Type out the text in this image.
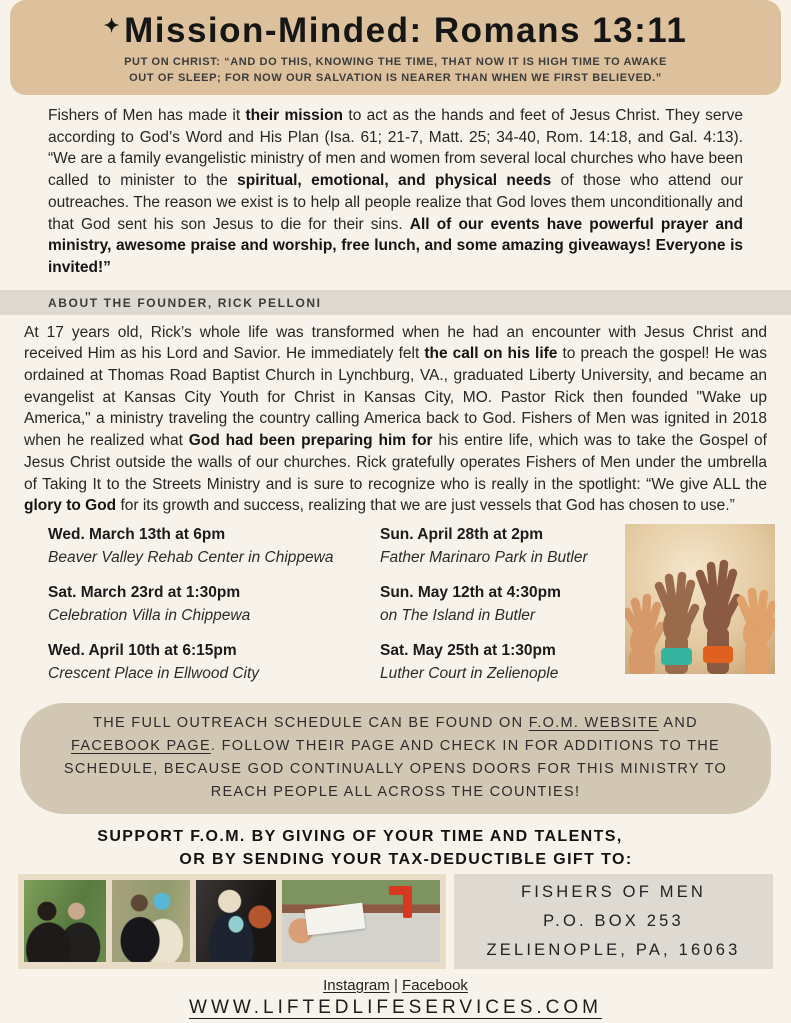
✦Mission-Minded: Romans 13:11
PUT ON CHRIST: “AND DO THIS, KNOWING THE TIME, THAT NOW IT IS HIGH TIME TO AWAKE
OUT OF SLEEP; FOR NOW OUR SALVATION IS NEARER THAN WHEN WE FIRST BELIEVED.”

Fishers of Men has made it their mission to act as the hands and feet of Jesus Christ. They serve according to God’s Word and His Plan (Isa. 61; 21-7, Matt. 25; 34-40, Rom. 14:18, and Gal. 4:13). “We are a family evangelistic ministry of men and women from several local churches who have been called to minister to the spiritual, emotional, and physical needs of those who attend our outreaches. The reason we exist is to help all people realize that God loves them unconditionally and that God sent his son Jesus to die for their sins. All of our events have powerful prayer and ministry, awesome praise and worship, free lunch, and some amazing giveaways! Everyone is invited!”

ABOUT THE FOUNDER, RICK PELLONI

At 17 years old, Rick’s whole life was transformed when he had an encounter with Jesus Christ and received Him as his Lord and Savior. He immediately felt the call on his life to preach the gospel! He was ordained at Thomas Road Baptist Church in Lynchburg, VA., graduated Liberty University, and became an evangelist at Kansas City Youth for Christ in Kansas City, MO. Pastor Rick then founded "Wake up America," a ministry traveling the country calling America back to God. Fishers of Men was ignited in 2018 when he realized what God had been preparing him for his entire life, which was to take the Gospel of Jesus Christ outside the walls of our churches. Rick gratefully operates Fishers of Men under the umbrella of Taking It to the Streets Ministry and is sure to recognize who is really in the spotlight: “We give ALL the glory to God for its growth and success, realizing that we are just vessels that God has chosen to use.”

Wed. March 13th at 6pm
Beaver Valley Rehab Center in Chippewa
Sat. March 23rd at 1:30pm
Celebration Villa in Chippewa
Wed. April 10th at 6:15pm
Crescent Place in Ellwood City
Sun. April 28th at 2pm
Father Marinaro Park in Butler
Sun. May 12th at 4:30pm
on The Island in Butler
Sat. May 25th at 1:30pm
Luther Court in Zelienople
THE FULL OUTREACH SCHEDULE CAN BE FOUND ON F.O.M. WEBSITE AND FACEBOOK PAGE. FOLLOW THEIR PAGE AND CHECK IN FOR ADDITIONS TO THE SCHEDULE, BECAUSE GOD CONTINUALLY OPENS DOORS FOR THIS MINISTRY TO REACH PEOPLE ALL ACROSS THE COUNTIES!
SUPPORT F.O.M. BY GIVING OF YOUR TIME AND TALENTS,
OR BY SENDING YOUR TAX-DEDUCTIBLE GIFT TO:
FISHERS OF MEN
P.O. BOX 253
ZELIENOPLE, PA, 16063
Instagram | Facebook
WWW.LIFTEDLIFESERVICES.COM
